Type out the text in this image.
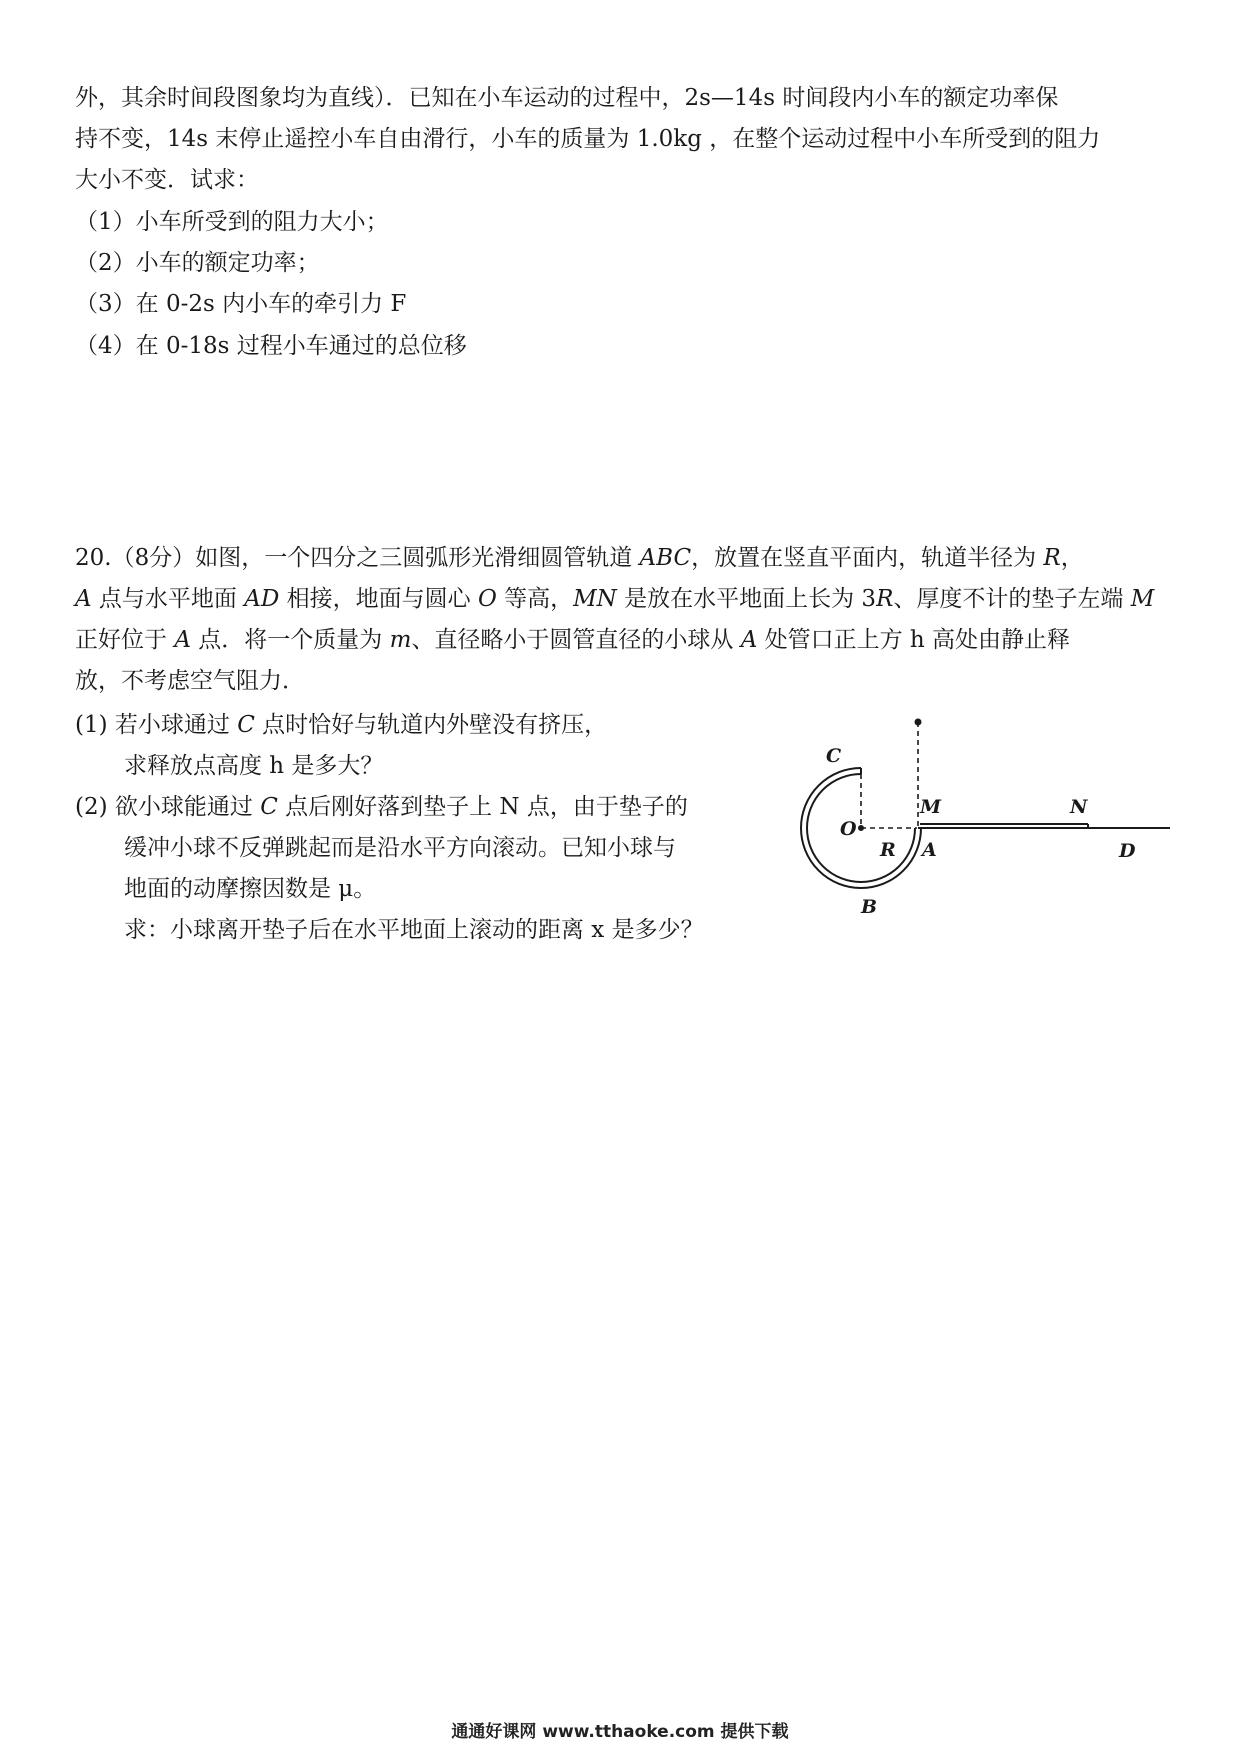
外，其余时间段图象均为直线）．已知在小车运动的过程中，2s—14s 时间段内小车的额定功率保
持不变，14s 末停止遥控小车自由滑行，小车的质量为 1.0kg ，在整个运动过程中小车所受到的阻力
大小不变．试求：
（1）小车所受到的阻力大小；
（2）小车的额定功率；
（3）在 0-2s 内小车的牵引力 F
（4）在 0-18s 过程小车通过的总位移
20.（8分）如图，一个四分之三圆弧形光滑细圆管轨道 ABC，放置在竖直平面内，轨道半径为 R，
A 点与水平地面 AD 相接，地面与圆心 O 等高，MN 是放在水平地面上长为 3R、厚度不计的垫子左端 M
正好位于 A 点．将一个质量为 m、直径略小于圆管直径的小球从 A 处管口正上方 h 高处由静止释
放，不考虑空气阻力．
(1) 若小球通过 C 点时恰好与轨道内外壁没有挤压，
求释放点高度 h 是多大？
(2) 欲小球能通过 C 点后刚好落到垫子上 N 点，由于垫子的
缓冲小球不反弹跳起而是沿水平方向滚动。已知小球与
地面的动摩擦因数是 μ。
求：小球离开垫子后在水平地面上滚动的距离 x 是多少？
C
O
R
M
A
N
D
B
通通好课网 www.tthaoke.com 提供下载
